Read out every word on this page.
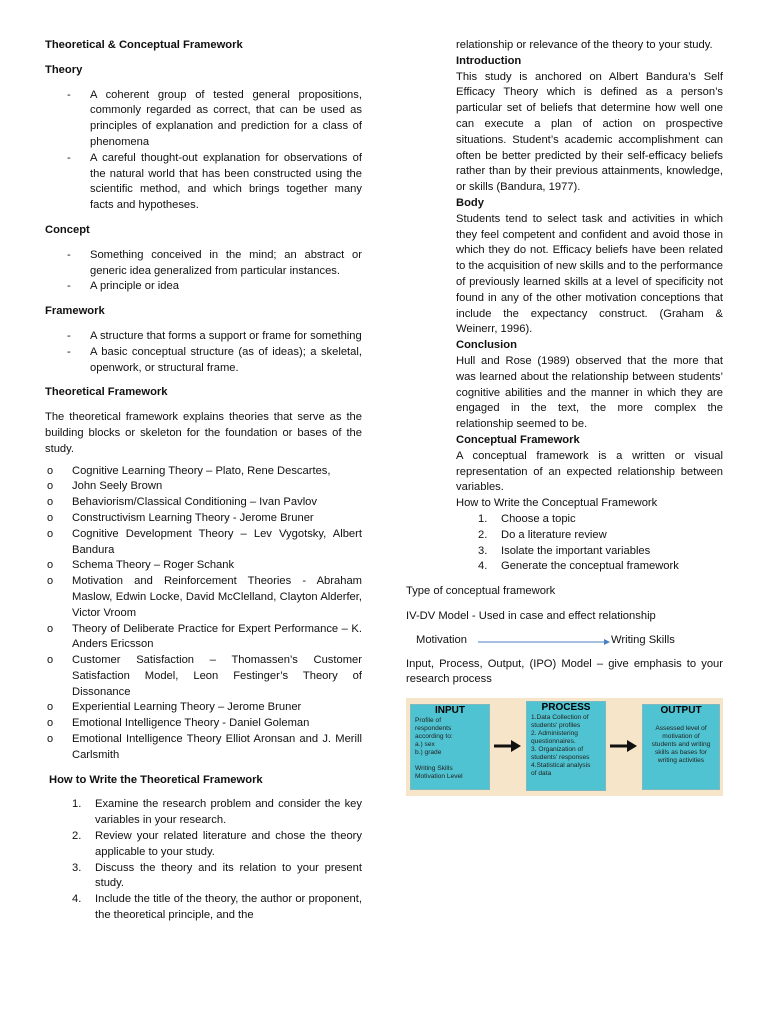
Theoretical & Conceptual Framework

Theory

- A coherent group of tested general propositions, commonly regarded as correct, that can be used as principles of explanation and prediction for a class of phenomena
- A careful thought-out explanation for observations of the natural world that has been constructed using the scientific method, and which brings together many facts and hypotheses.

Concept

- Something conceived in the mind; an abstract or generic idea generalized from particular instances.
- A principle or idea

Framework

- A structure that forms a support or frame for something
- A basic conceptual structure (as of ideas); a skeletal, openwork, or structural frame.

Theoretical Framework

The theoretical framework explains theories that serve as the building blocks or skeleton for the foundation or bases of the study.

o Cognitive Learning Theory – Plato, Rene Descartes,
o John Seely Brown
o Behaviorism/Classical Conditioning – Ivan Pavlov
o Constructivism Learning Theory - Jerome Bruner
o Cognitive Development Theory – Lev Vygotsky, Albert Bandura
o Schema Theory – Roger Schank
o Motivation and Reinforcement Theories - Abraham Maslow, Edwin Locke, David McClelland, Clayton Alderfer, Victor Vroom
o Theory of Deliberate Practice for Expert Performance – K. Anders Ericsson
o Customer Satisfaction – Thomassen’s Customer Satisfaction Model, Leon Festinger’s Theory of Dissonance
o Experiential Learning Theory – Jerome Bruner
o Emotional Intelligence Theory - Daniel Goleman
o Emotional Intelligence Theory Elliot Aronsan and J. Merill Carlsmith

How to Write the Theoretical Framework

1. Examine the research problem and consider the key variables in your research.
2. Review your related literature and chose the theory applicable to your study.
3. Discuss the theory and its relation to your present study.
4. Include the title of the theory, the author or proponent, the theoretical principle, and the

relationship or relevance of the theory to your study.

Introduction

This study is anchored on Albert Bandura’s Self Efficacy Theory which is defined as a person’s particular set of beliefs that determine how well one can execute a plan of action on prospective situations. Student’s academic accomplishment can often be better predicted by their self-efficacy beliefs rather than by their previous attainments, knowledge, or skills (Bandura, 1977).

Body

Students tend to select task and activities in which they feel competent and confident and avoid those in which they do not. Efficacy beliefs have been related to the acquisition of new skills and to the performance of previously learned skills at a level of specificity not found in any of the other motivation conceptions that include the expectancy construct. (Graham & Weinerr, 1996).

Conclusion

Hull and Rose (1989) observed that the more that was learned about the relationship between students’ cognitive abilities and the manner in which they are engaged in the text, the more complex the relationship seemed to be.

Conceptual Framework

A conceptual framework is a written or visual representation of an expected relationship between variables.

How to Write the Conceptual Framework

1. Choose a topic
2. Do a literature review
3. Isolate the important variables
4. Generate the conceptual framework

Type of conceptual framework

IV-DV Model - Used in case and effect relationship

Motivation	Writing Skills

Input, Process, Output, (IPO) Model – give emphasis to your research process

INPUT
Profile of
respondents
according to:
a.) sex
b.) grade
Writing Skills
Motivation Level
PROCESS
1.Data Collection of
students' profiles
2. Administering
questionnaires.
3. Organization of
students' responses
4.Statistical analysis
of data
OUTPUT
Assessed level of
motivation of
students and writing
skills as bases for
writing activities
